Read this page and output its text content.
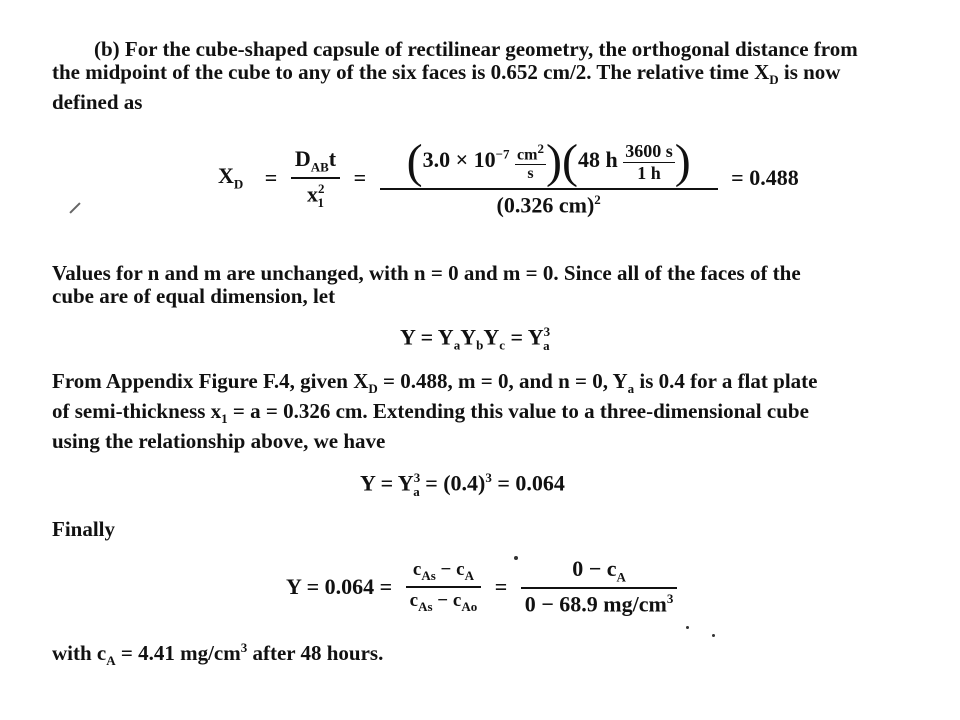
(b) For the cube-shaped capsule of rectilinear geometry, the orthogonal distance from
the midpoint of the cube to any of the six faces is 0.652 cm/2. The relative time $X_D$ is now
defined as
$X_D = \frac{D_{AB}t}{x^2_1} = \frac{(3.0 \times 10^{-7} \frac{cm^2}{s} )(48 h \frac{3600 s}{1 h} )}{(0.326 cm)^2} = 0.488$
Values for n and m are unchanged, with n = 0 and m = 0. Since all of the faces of the
cube are of equal dimension, let
$Y = Y_aY_bY_c = Y^3_a$
From Appendix Figure F.4, given $X_D = 0.488$, m = 0, and n = 0, $Y_a$ is 0.4 for a flat plate
of semi-thickness $x_1 = a = 0.326$ cm. Extending this value to a three-dimensional cube
using the relationship above, we have
$Y = Y^3_a = (0.4)^3 = 0.064$
Finally
$Y = 0.064 = \frac{c_{As} - c_A}{c_{As} - c_{Ao}} = \frac{0 - c_A}{0 - 68.9 mg/cm^3}$
with $c_A = 4.41$ $mg/cm^3$ after 48 hours.
